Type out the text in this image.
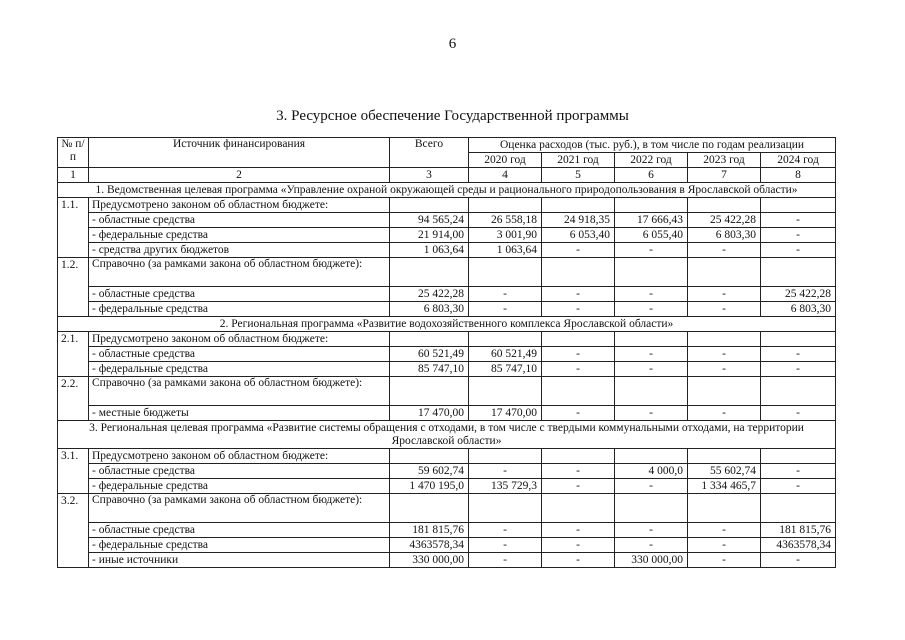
6
3. Ресурсное обеспечение Государственной программы
№ п/п	Источник финансирования	Всего	Оценка расходов (тыс. руб.), в том числе по годам реализации				
			2020 год	2021 год	2022 год	2023 год	2024 год
1	2	3	4	5	6	7	8
1. Ведомственная целевая программа «Управление охраной окружающей среды и рационального природопользования в Ярославской области»							
1.1.	Предусмотрено законом об областном бюджете:						
	- областные средства	94 565,24	26 558,18	24 918,35	17 666,43	25 422,28	-
	- федеральные средства	21 914,00	3 001,90	6 053,40	6 055,40	6 803,30	-
	- средства других бюджетов	1 063,64	1 063,64	-	-	-	-
1.2.	Справочно (за рамками закона об областном бюджете):						
	- областные средства	25 422,28	-	-	-	-	25 422,28
	- федеральные средства	6 803,30	-	-	-	-	6 803,30
2. Региональная программа «Развитие водохозяйственного комплекса Ярославской области»							
2.1.	Предусмотрено законом об областном бюджете:						
	- областные средства	60 521,49	60 521,49	-	-	-	-
	- федеральные средства	85 747,10	85 747,10	-	-	-	-
2.2.	Справочно (за рамками закона об областном бюджете):						
	- местные бюджеты	17 470,00	17 470,00	-	-	-	-
3. Региональная целевая программа «Развитие системы обращения с отходами, в том числе с твердыми коммунальными отходами, на территории Ярославской области»							
3.1.	Предусмотрено законом об областном бюджете:						
	- областные средства	59 602,74	-	-	4 000,0	55 602,74	-
	- федеральные средства	1 470 195,0	135 729,3	-	-	1 334 465,7	-
3.2.	Справочно (за рамками закона об областном бюджете):						
	- областные средства	181 815,76	-	-	-	-	181 815,76
	- федеральные средства	4363578,34	-	-	-	-	4363578,34
	- иные источники	330 000,00	-	-	330 000,00	-	-
